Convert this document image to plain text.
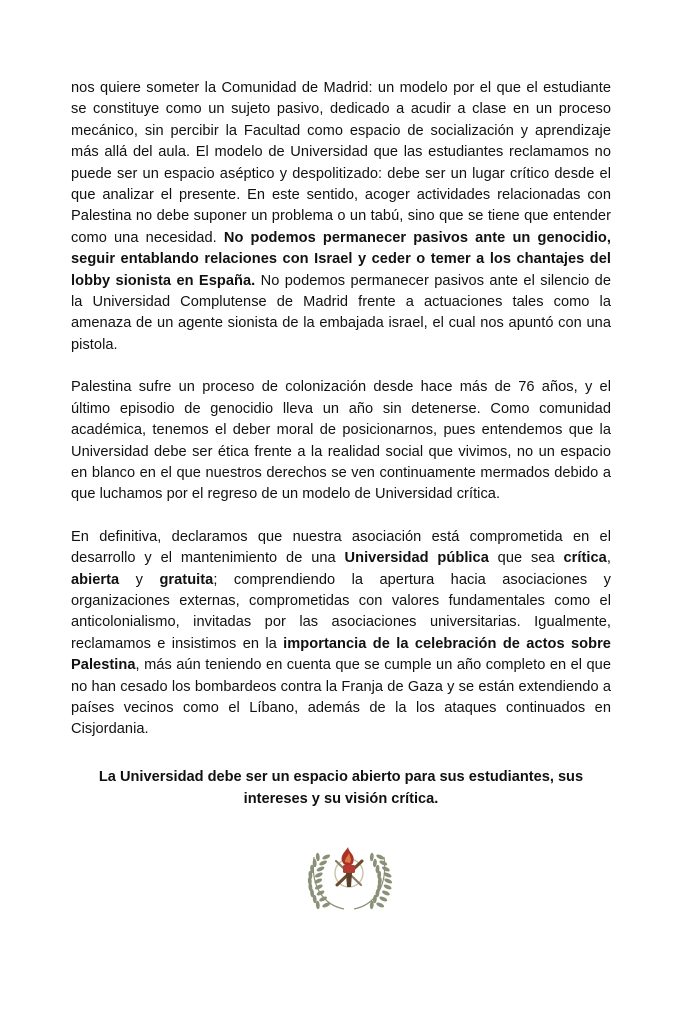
nos quiere someter la Comunidad de Madrid: un modelo por el que el estudiante se constituye como un sujeto pasivo, dedicado a acudir a clase en un proceso mecánico, sin percibir la Facultad como espacio de socialización y aprendizaje más allá del aula. El modelo de Universidad que las estudiantes reclamamos no puede ser un espacio aséptico y despolitizado: debe ser un lugar crítico desde el que analizar el presente. En este sentido, acoger actividades relacionadas con Palestina no debe suponer un problema o un tabú, sino que se tiene que entender como una necesidad. No podemos permanecer pasivos ante un genocidio, seguir entablando relaciones con Israel y ceder o temer a los chantajes del lobby sionista en España. No podemos permanecer pasivos ante el silencio de la Universidad Complutense de Madrid frente a actuaciones tales como la amenaza de un agente sionista de la embajada israel, el cual nos apuntó con una pistola.

Palestina sufre un proceso de colonización desde hace más de 76 años, y el último episodio de genocidio lleva un año sin detenerse. Como comunidad académica, tenemos el deber moral de posicionarnos, pues entendemos que la Universidad debe ser ética frente a la realidad social que vivimos, no un espacio en blanco en el que nuestros derechos se ven continuamente mermados debido a que luchamos por el regreso de un modelo de Universidad crítica.

En definitiva, declaramos que nuestra asociación está comprometida en el desarrollo y el mantenimiento de una Universidad pública que sea crítica, abierta y gratuita; comprendiendo la apertura hacia asociaciones y organizaciones externas, comprometidas con valores fundamentales como el anticolonialismo, invitadas por las asociaciones universitarias. Igualmente, reclamamos e insistimos en la importancia de la celebración de actos sobre Palestina, más aún teniendo en cuenta que se cumple un año completo en el que no han cesado los bombardeos contra la Franja de Gaza y se están extendiendo a países vecinos como el Líbano, además de la los ataques continuados en Cisjordania.

La Universidad debe ser un espacio abierto para sus estudiantes, sus
intereses y su visión crítica.
